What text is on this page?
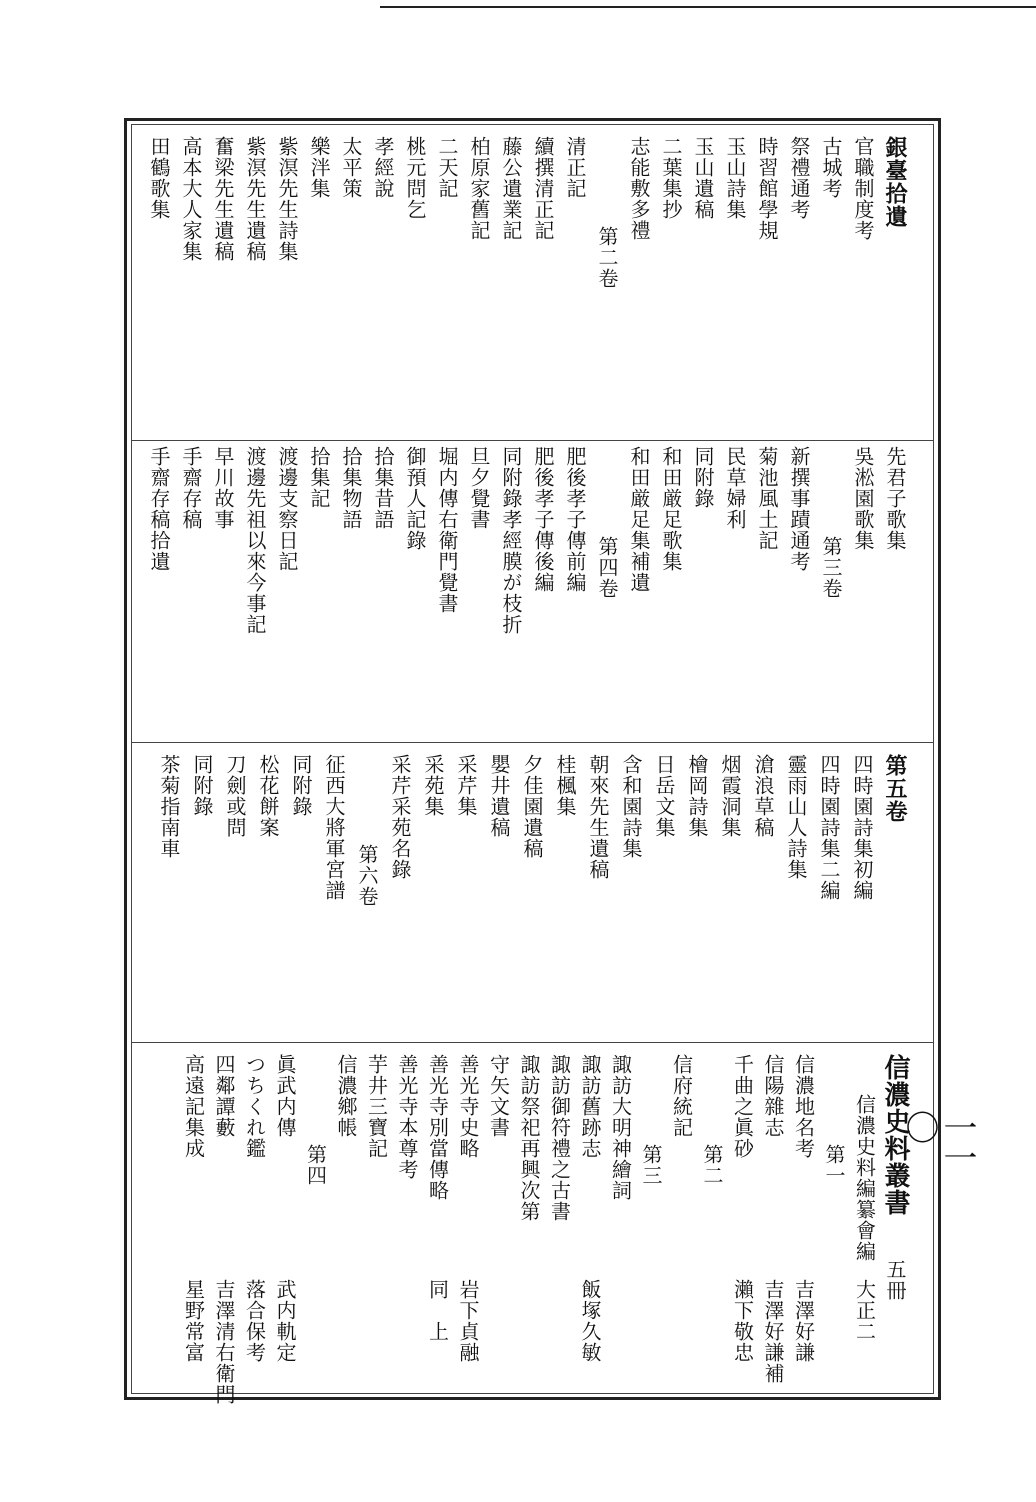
一一〇
銀臺拾遺
官職制度考
古城考
祭禮通考
時習館學規
玉山詩集
玉山遺稿
二葉集抄
志能敷多禮
第二卷
清正記
續撰清正記
藤公遺業記
柏原家舊記
二天記
桃元問乞
孝經說
太平策
樂泮集
紫溟先生詩集
紫溟先生遺稿
奮梁先生遺稿
高本大人家集
田鶴歌集
先君子歌集
吳淞園歌集
第三卷
新撰事蹟通考
菊池風土記
民草婦利
同附錄
和田厳足歌集
和田厳足集補遺
第四卷
肥後孝子傳前編
肥後孝子傳後編
同附錄孝經膜が枝折
旦夕覺書
堀内傳右衛門覺書
御預人記錄
拾集昔語
拾集物語
拾集記
渡邊支察日記
渡邊先祖以來今事記
早川故事
手齋存稿
手齋存稿拾遺
第五卷
四時園詩集初編
四時園詩集二編
靈雨山人詩集
滄浪草稿
烟霞洞集
檜岡詩集
日岳文集
含和園詩集
朝來先生遺稿
桂楓集
夕佳園遺稿
嬰井遺稿
采芹集
采苑集
采芹采苑名錄
第六卷
征西大將軍宮譜
同附錄
松花餅案
刀劍或問
同附錄
茶菊指南車
信濃史料叢書
五冊
信濃史料編纂會編
大正二
第一
信濃地名考
吉澤好謙
信陽雜志
吉澤好謙補
千曲之眞砂
瀨下敬忠
第二
信府統記
第三
諏訪大明神繪詞
諏訪舊跡志
飯塚久敏
諏訪御符禮之古書
諏訪祭祀再興次第
守矢文書
善光寺史略
岩下貞融
善光寺別當傳略
同　上
善光寺本尊考
芋井三寶記
信濃鄉帳
第四
眞武内傳
武内軌定
つちくれ鑑
落合保考
四鄰譚藪
吉澤清右衛門
高遠記集成
星野常富
